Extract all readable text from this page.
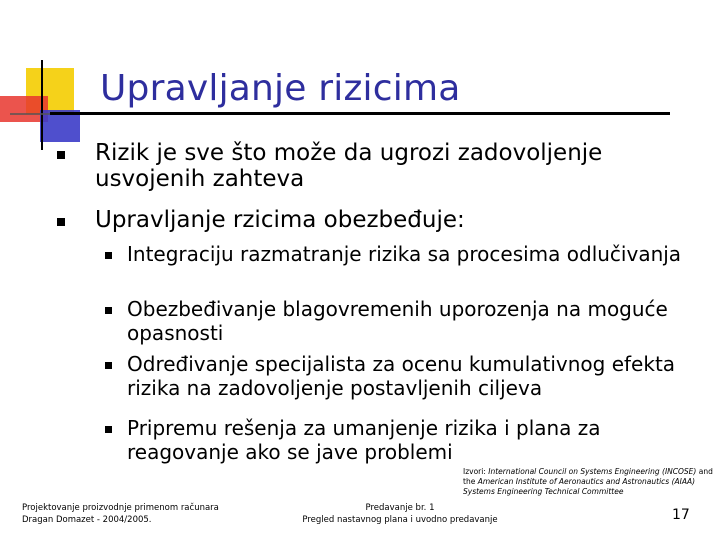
Upravljanje rizicima
Rizik je sve što može da ugrozi zadovoljenje usvojenih zahteva
Upravljanje rzicima obezbeđuje:
Integraciju razmatranje rizika sa procesima odlučivanja
Obezbeđivanje blagovremenih uporozenja na moguće opasnosti
Određivanje specijalista za ocenu kumulativnog efekta rizika na zadovoljenje postavljenih ciljeva
Pripremu rešenja za umanjenje rizika i plana za reagovanje ako se jave problemi
Izvori: International Council on Systems Engineering (INCOSE) and
the American Institute of Aeronautics and Astronautics (AIAA)
Systems Engineering Technical Committee
Projektovanje proizvodnje primenom računara
Dragan Domazet - 2004/2005.
Predavanje br. 1
Pregled nastavnog plana i uvodno predavanje	17
